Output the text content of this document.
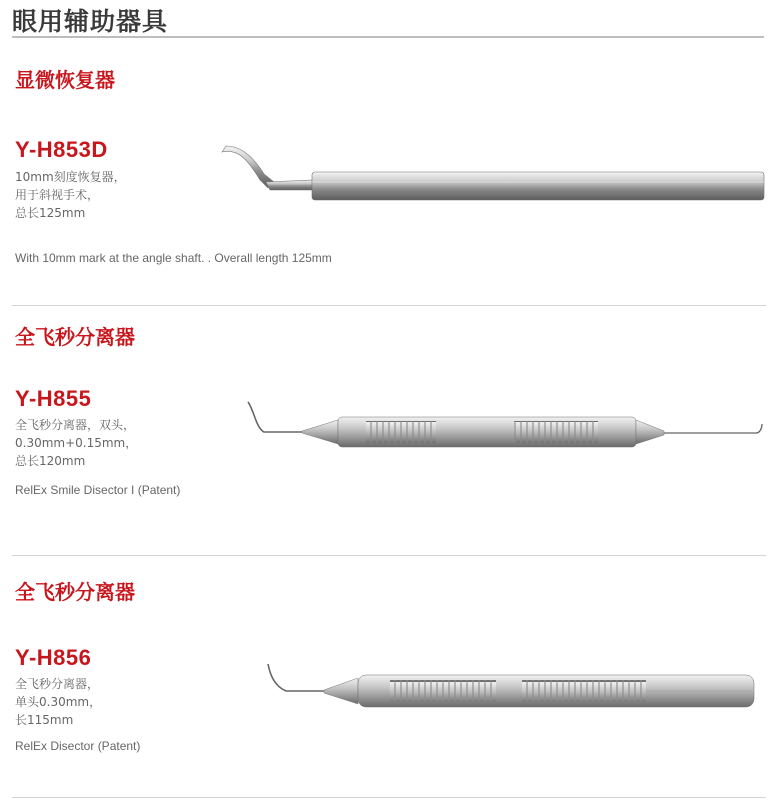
眼用辅助器具
显微恢复器
Y-H853D
10mm刻度恢复器，
用于斜视手术，
总长125mm
With 10mm mark at the angle shaft. . Overall length 125mm
全飞秒分离器
Y-H855
全飞秒分离器，双头，
0.30mm+0.15mm，
总长120mm
RelEx Smile Disector I (Patent)
全飞秒分离器
Y-H856
全飞秒分离器，
单头0.30mm，
长115mm
RelEx Disector (Patent)
